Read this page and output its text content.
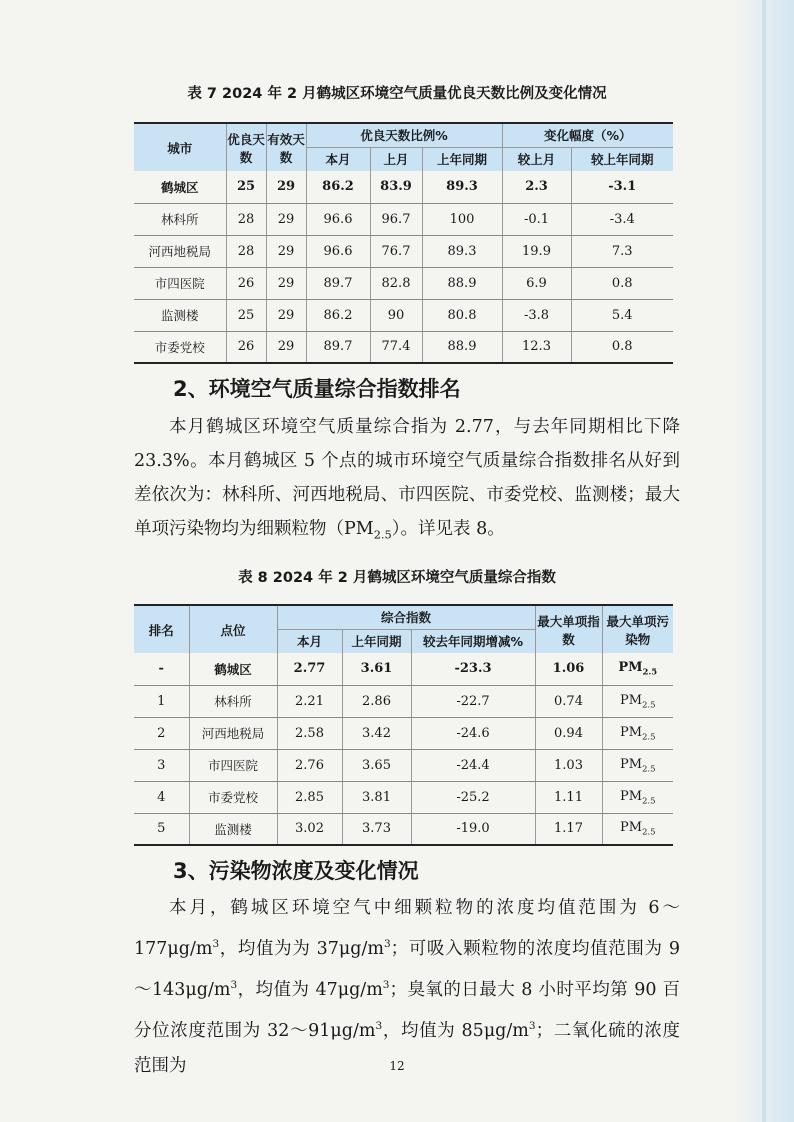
表 7 2024 年 2 月鹤城区环境空气质量优良天数比例及变化情况
城市	优良天数	有效天数	优良天数比例%			变化幅度（%）	
			本月	上月	上年同期	较上月	较上年同期
鹤城区	25	29	86.2	83.9	89.3	2.3	-3.1
林科所	28	29	96.6	96.7	100	-0.1	-3.4
河西地税局	28	29	96.6	76.7	89.3	19.9	7.3
市四医院	26	29	89.7	82.8	88.9	6.9	0.8
监测楼	25	29	86.2	90	80.8	-3.8	5.4
市委党校	26	29	89.7	77.4	88.9	12.3	0.8
2、环境空气质量综合指数排名

本月鹤城区环境空气质量综合指为 2.77，与去年同期相比下降 23.3%。本月鹤城区 5 个点的城市环境空气质量综合指数排名从好到差依次为：林科所、河西地税局、市四医院、市委党校、监测楼；最大单项污染物均为细颗粒物$(PM_{2.5})$。详见表 8。

表 8 2024 年 2 月鹤城区环境空气质量综合指数
排名	点位	综合指数			最大单项指数	最大单项污染物
		本月	上年同期	较去年同期增减%		
-	鹤城区	2.77	3.61	-23.3	1.06	$PM_{2.5}$
1	林科所	2.21	2.86	-22.7	0.74	$PM_{2.5}$
2	河西地税局	2.58	3.42	-24.6	0.94	$PM_{2.5}$
3	市四医院	2.76	3.65	-24.4	1.03	$PM_{2.5}$
4	市委党校	2.85	3.81	-25.2	1.11	$PM_{2.5}$
5	监测楼	3.02	3.73	-19.0	1.17	$PM_{2.5}$
3、污染物浓度及变化情况

本月，鹤城区环境空气中细颗粒物的浓度均值范围为 $6\sim 177\mu g/m^3$，均值为为 $37\mu g/m^3$；可吸入颗粒物的浓度均值范围为 $9\sim 143\mu g/m^3$，均值为 $47\mu g/m^3$；臭氧的日最大 8 小时平均第 90 百分位浓度范围为 $32\sim 91\mu g/m^3$，均值为 $85\mu g/m^3$；二氧化硫的浓度范围为	12
